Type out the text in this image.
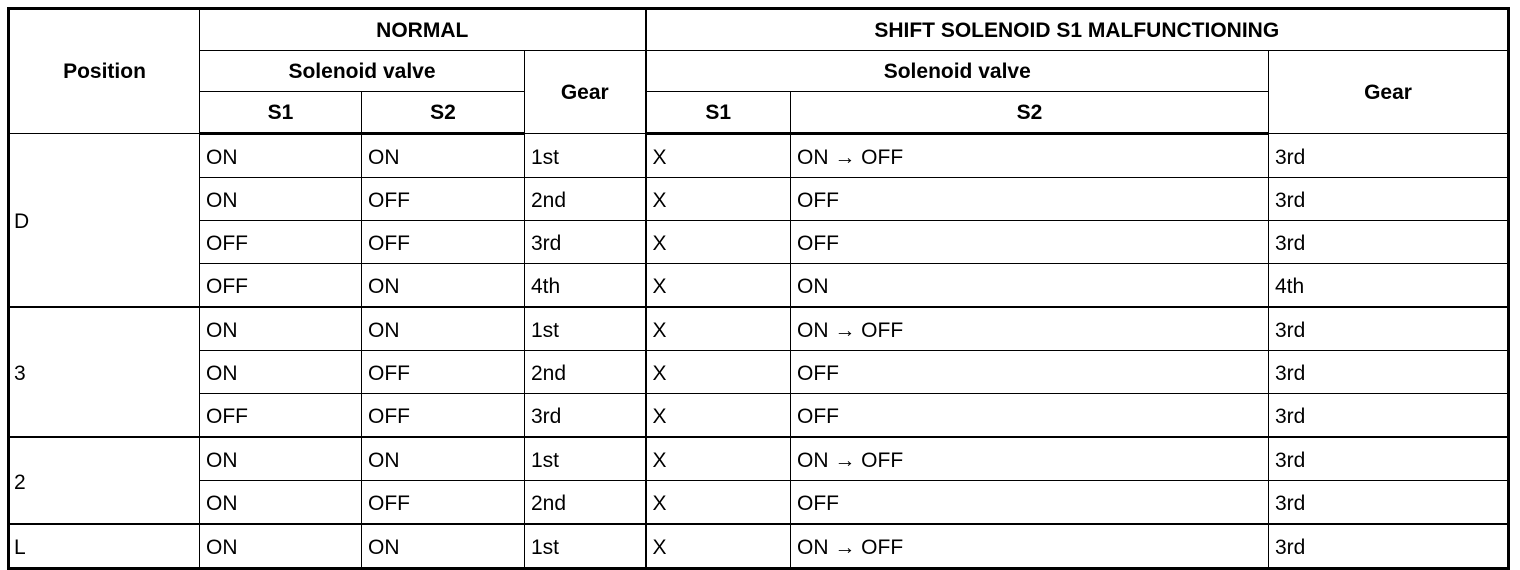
Position	NORMAL			SHIFT SOLENOID S1 MALFUNCTIONING		
	Solenoid valve		Gear	Solenoid valve		Gear
	S1	S2		S1	S2	
D	ON	ON	1st	X	ON → OFF	3rd
	ON	OFF	2nd	X	OFF	3rd
	OFF	OFF	3rd	X	OFF	3rd
	OFF	ON	4th	X	ON	4th
3	ON	ON	1st	X	ON → OFF	3rd
	ON	OFF	2nd	X	OFF	3rd
	OFF	OFF	3rd	X	OFF	3rd
2	ON	ON	1st	X	ON → OFF	3rd
	ON	OFF	2nd	X	OFF	3rd
L	ON	ON	1st	X	ON → OFF	3rd
